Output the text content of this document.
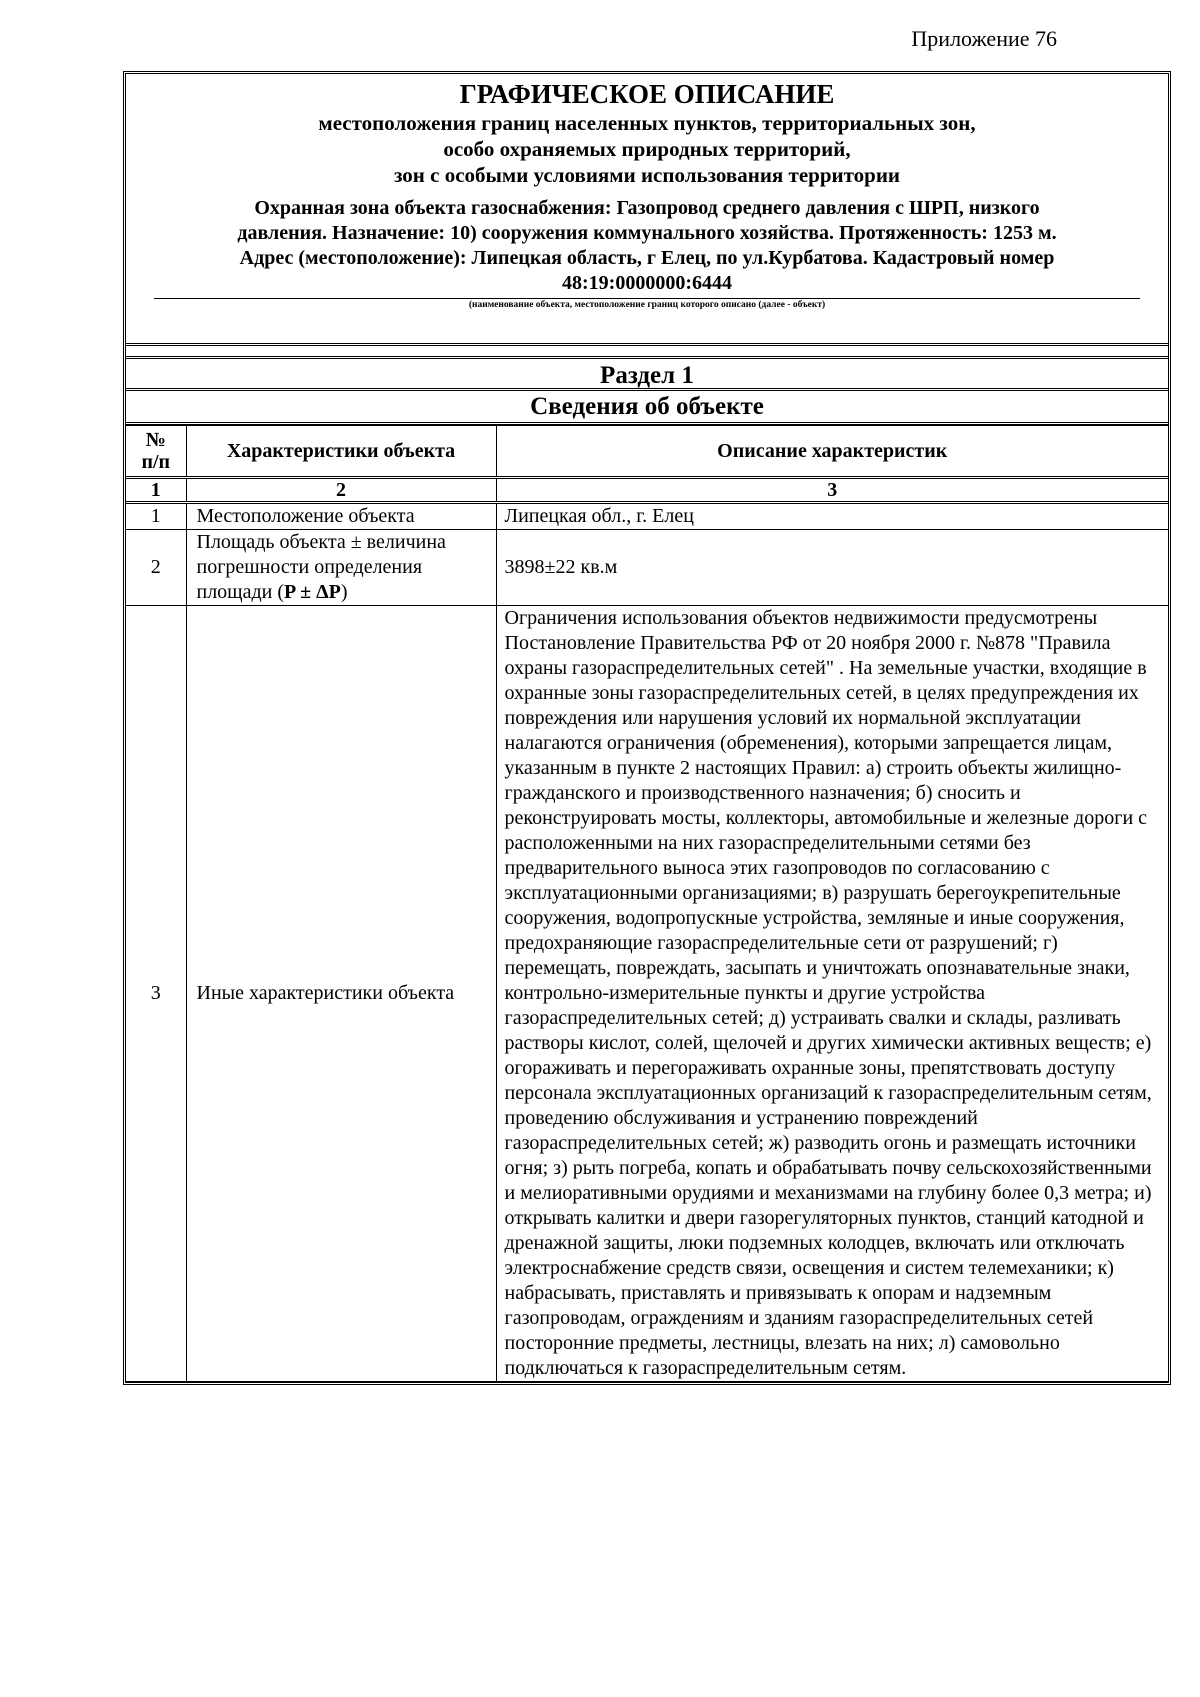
Приложение 76
ГРАФИЧЕСКОЕ ОПИСАНИЕ
местоположения границ населенных пунктов, территориальных зон,
особо охраняемых природных территорий,
зон с особыми условиями использования территории
Охранная зона объекта газоснабжения: Газопровод среднего давления с ШРП, низкого
давления. Назначение: 10) сооружения коммунального хозяйства. Протяженность: 1253 м.
Адрес (местоположение): Липецкая область, г Елец, по ул.Курбатова. Кадастровый номер
48:19:0000000:6444
(наименование объекта, местоположение границ которого описано (далее - объект)
Раздел 1
Сведения об объекте
№
п/п	Характеристики объекта	Описание характеристик
1	2	3
1	Местоположение объекта	Липецкая обл., г. Елец
2	Площадь объекта ± величина погрешности определения площади (P ± ΔP)	3898±22 кв.м
3	Иные характеристики объекта	Ограничения использования объектов недвижимости предусмотрены Постановление Правительства РФ от 20 ноября 2000 г. №878 "Правила охраны газораспределительных сетей" . На земельные участки, входящие в охранные зоны газораспределительных сетей, в целях предупреждения их повреждения или нарушения условий их нормальной эксплуатации налагаются ограничения (обременения), которыми запрещается лицам, указанным в пункте 2 настоящих Правил: а) строить объекты жилищно-гражданского и производственного назначения; б) сносить и реконструировать мосты, коллекторы, автомобильные и железные дороги с расположенными на них газораспределительными сетями без предварительного выноса этих газопроводов по согласованию с эксплуатационными организациями; в) разрушать берегоукрепительные сооружения, водопропускные устройства, земляные и иные сооружения, предохраняющие газораспределительные сети от разрушений; г) перемещать, повреждать, засыпать и уничтожать опознавательные знаки, контрольно-измерительные пункты и другие устройства газораспределительных сетей; д) устраивать свалки и склады, разливать растворы кислот, солей, щелочей и других химически активных веществ; е) огораживать и перегораживать охранные зоны, препятствовать доступу персонала эксплуатационных организаций к газораспределительным сетям, проведению обслуживания и устранению повреждений газораспределительных сетей; ж) разводить огонь и размещать источники огня; з) рыть погреба, копать и обрабатывать почву сельскохозяйственными и мелиоративными орудиями и механизмами на глубину более 0,3 метра; и) открывать калитки и двери газорегуляторных пунктов, станций катодной и дренажной защиты, люки подземных колодцев, включать или отключать электроснабжение средств связи, освещения и систем телемеханики; к) набрасывать, приставлять и привязывать к опорам и надземным газопроводам, ограждениям и зданиям газораспределительных сетей посторонние предметы, лестницы, влезать на них; л) самовольно подключаться к газораспределительным сетям.
